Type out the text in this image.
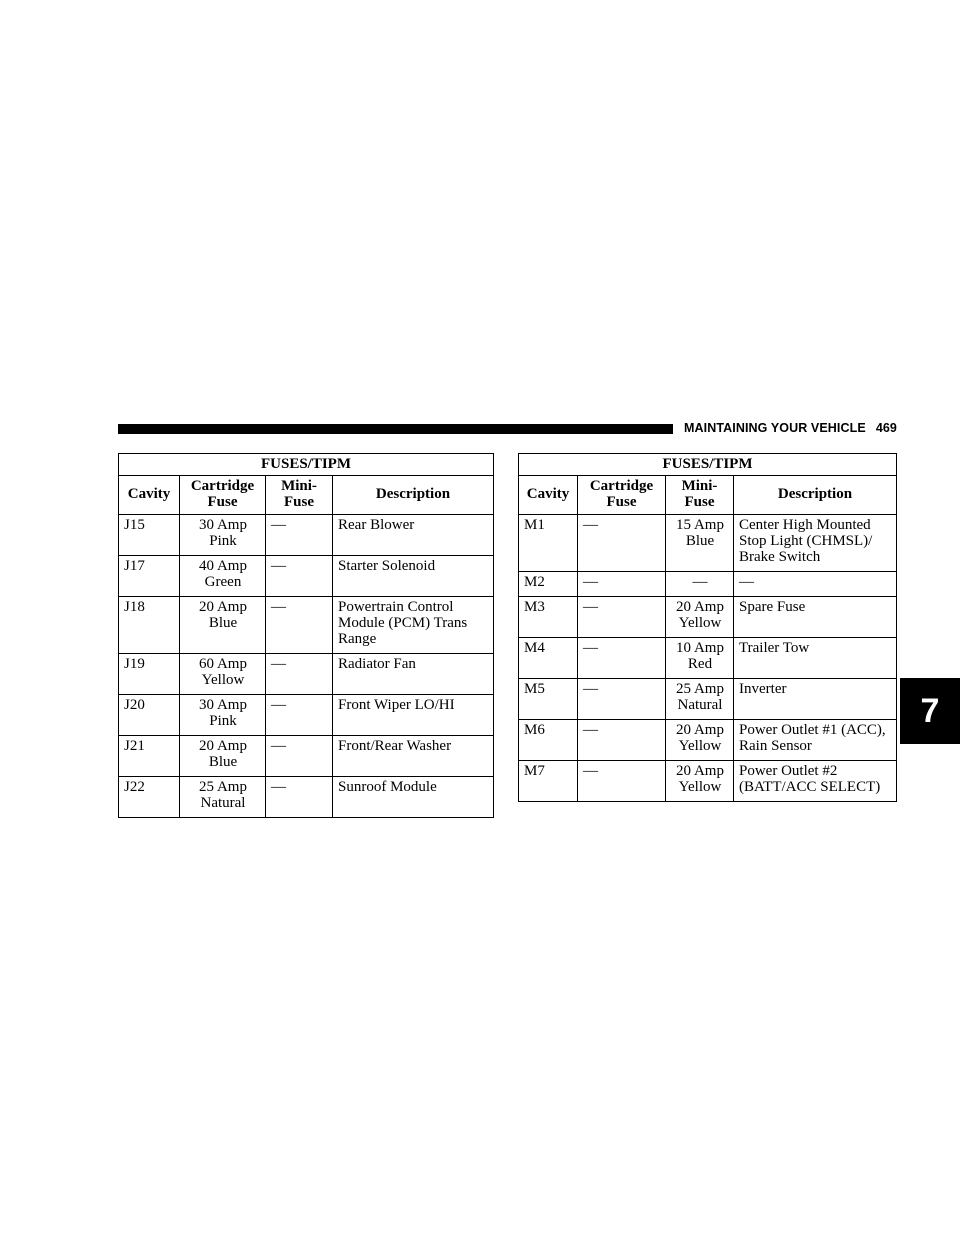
MAINTAINING YOUR VEHICLE 469
FUSES/TIPM			
Cavity	Cartridge Fuse	Mini-Fuse	Description
J15	30 Amp Pink	—	Rear Blower
J17	40 Amp Green	—	Starter Solenoid
J18	20 Amp Blue	—	Powertrain Control Module (PCM) Trans Range
J19	60 Amp Yellow	—	Radiator Fan
J20	30 Amp Pink	—	Front Wiper LO/HI
J21	20 Amp Blue	—	Front/Rear Washer
J22	25 Amp Natural	—	Sunroof Module
FUSES/TIPM			
Cavity	Cartridge Fuse	Mini-Fuse	Description
M1	—	15 Amp Blue	Center High Mounted Stop Light (CHMSL)/ Brake Switch
M2	—	—	—
M3	—	20 Amp Yellow	Spare Fuse
M4	—	10 Amp Red	Trailer Tow
M5	—	25 Amp Natural	Inverter
M6	—	20 Amp Yellow	Power Outlet #1 (ACC), Rain Sensor
M7	—	20 Amp Yellow	Power Outlet #2 (BATT/ACC SELECT)
7
